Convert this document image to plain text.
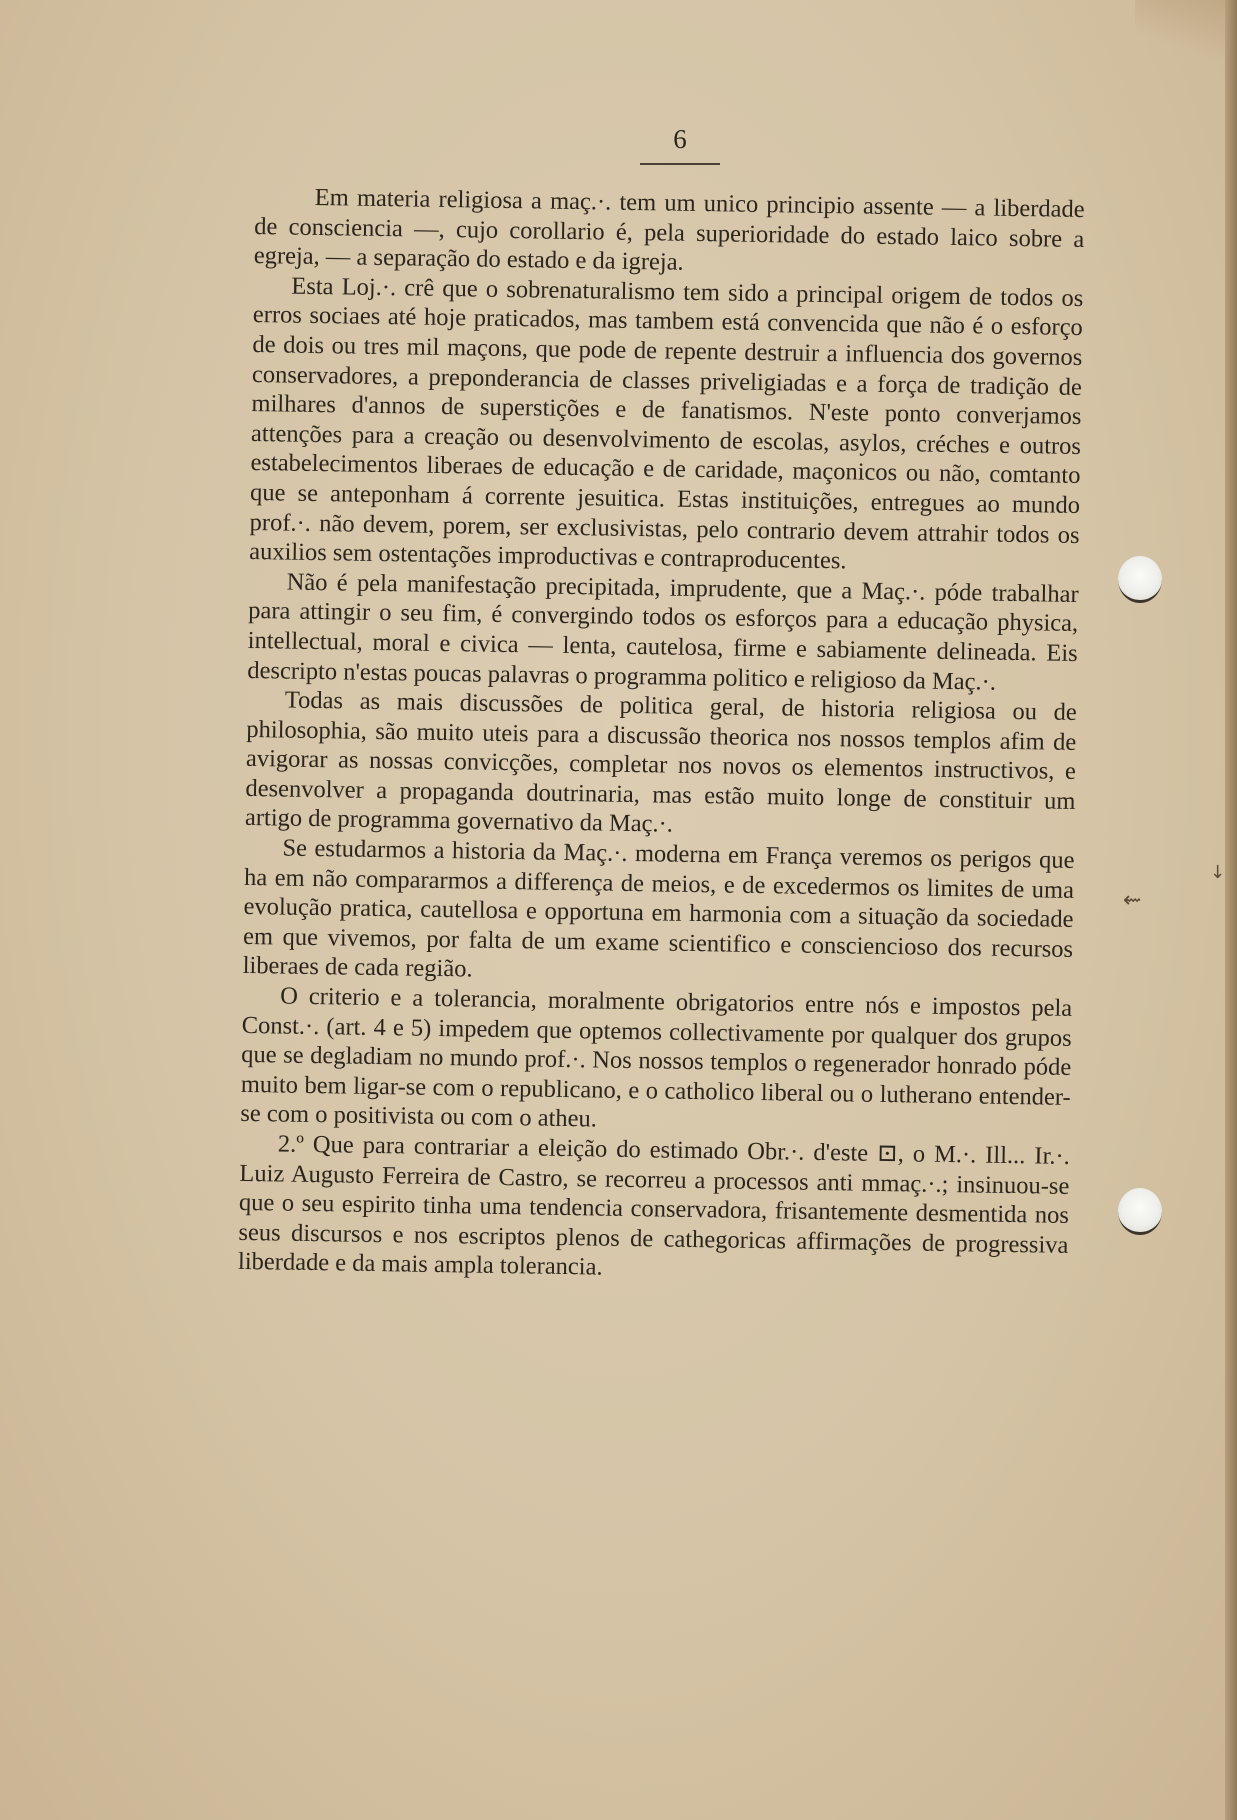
6

Em materia religiosa a maç.·. tem um unico principio assente — a liberdade de consciencia —, cujo corollario é, pela superioridade do estado laico sobre a egreja, — a separação do estado e da igreja.

Esta Loj.·. crê que o sobrenaturalismo tem sido a principal origem de todos os erros sociaes até hoje praticados, mas tambem está convencida que não é o esforço de dois ou tres mil maçons, que pode de repente destruir a influencia dos governos conservadores, a preponderancia de classes priveligiadas e a força de tradição de milhares d'annos de superstições e de fanatismos. N'este ponto converjamos attenções para a creação ou desenvolvimento de escolas, asylos, créches e outros estabelecimentos liberaes de educação e de caridade, maçonicos ou não, comtanto que se anteponham á corrente jesuitica. Estas instituições, entregues ao mundo prof.·. não devem, porem, ser exclusivistas, pelo contrario devem attrahir todos os auxilios sem ostentações improductivas e contraproducentes.

Não é pela manifestação precipitada, imprudente, que a Maç.·. póde trabalhar para attingir o seu fim, é convergindo todos os esforços para a educação physica, intellectual, moral e civica — lenta, cautelosa, firme e sabiamente delineada. Eis descripto n'estas poucas palavras o programma politico e religioso da Maç.·.

Todas as mais discussões de politica geral, de historia religiosa ou de philosophia, são muito uteis para a discussão theorica nos nossos templos afim de avigorar as nossas convicções, completar nos novos os elementos instructivos, e desenvolver a propaganda doutrinaria, mas estão muito longe de constituir um artigo de programma governativo da Maç.·.

Se estudarmos a historia da Maç.·. moderna em França veremos os perigos que ha em não compararmos a differença de meios, e de excedermos os limites de uma evolução pratica, cautellosa e opportuna em harmonia com a situação da sociedade em que vivemos, por falta de um exame scientifico e consciencioso dos recursos liberaes de cada região.

O criterio e a tolerancia, moralmente obrigatorios entre nós e impostos pela Const.·. (art. 4 e 5) impedem que optemos collectivamente por qualquer dos grupos que se degladiam no mundo prof.·. Nos nossos templos o regenerador honrado póde muito bem ligar-se com o republicano, e o catholico liberal ou o lutherano entender-se com o positivista ou com o atheu.

2.º Que para contrariar a eleição do estimado Obr.·. d'este ⊡, o M.·. Ill... Ir.·. Luiz Augusto Ferreira de Castro, se recorreu a processos anti mmaç.·.; insinuou-se que o seu espirito tinha uma tendencia conservadora, frisantemente desmentida nos seus discursos e nos escriptos plenos de cathegoricas affirmações de progressiva liberdade e da mais ampla tolerancia.

⇜
↓
